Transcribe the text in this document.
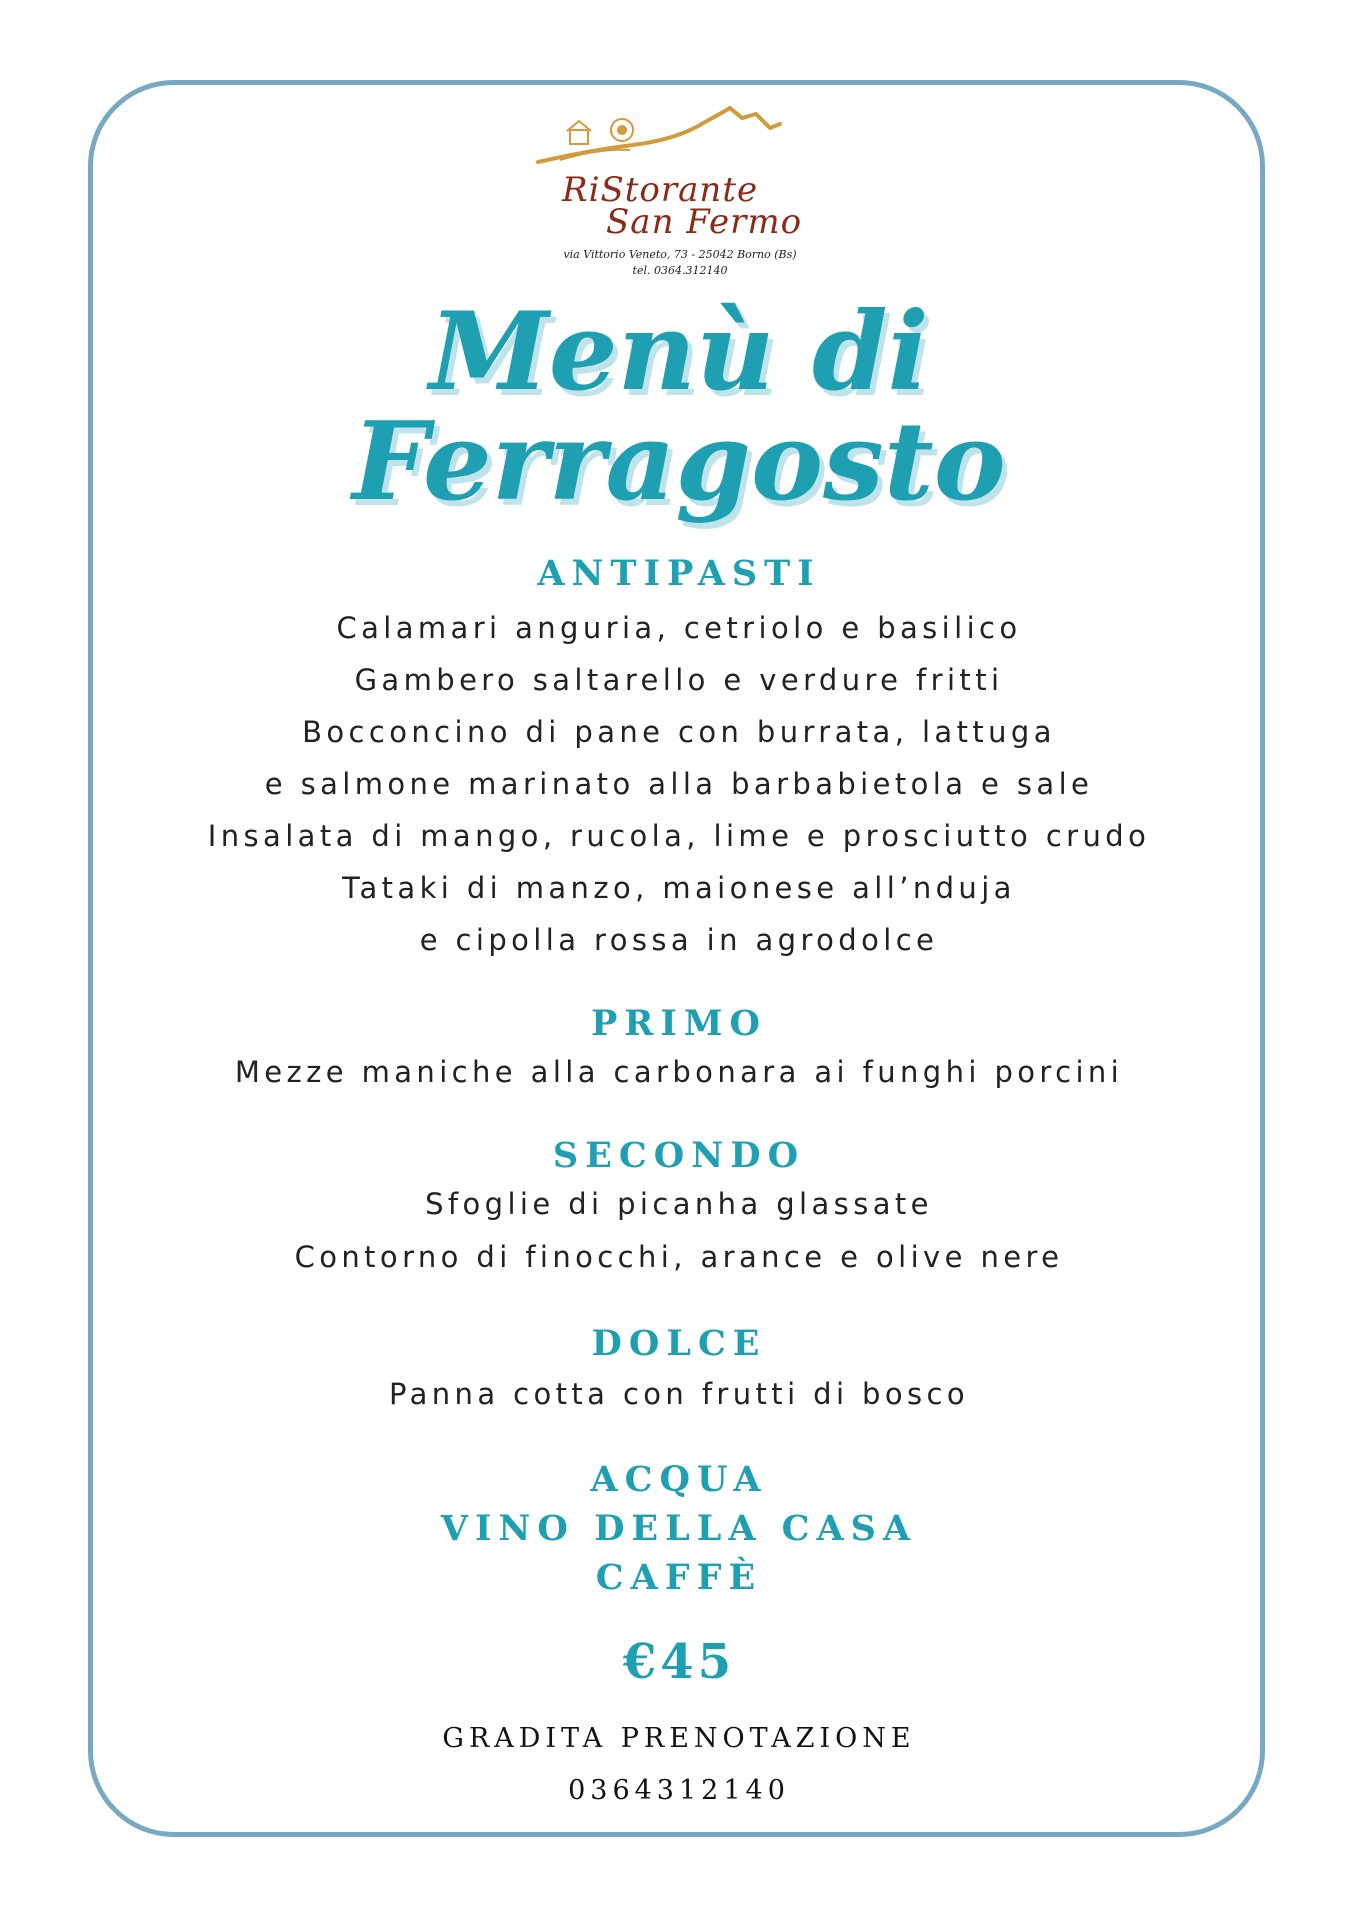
RiStorante
San Fermo
via Vittorio Veneto, 73 - 25042 Borno (Bs)
tel. 0364.312140
Menù di
Ferragosto
ANTIPASTI
Calamari anguria, cetriolo e basilico
Gambero saltarello e verdure fritti
Bocconcino di pane con burrata, lattuga
e salmone marinato alla barbabietola e sale
Insalata di mango, rucola, lime e prosciutto crudo
Tataki di manzo, maionese all’nduja
e cipolla rossa in agrodolce
PRIMO
Mezze maniche alla carbonara ai funghi porcini
SECONDO
Sfoglie di picanha glassate
Contorno di finocchi, arance e olive nere
DOLCE
Panna cotta con frutti di bosco
ACQUA
VINO DELLA CASA
CAFFÈ
€45
GRADITA PRENOTAZIONE
0364312140
